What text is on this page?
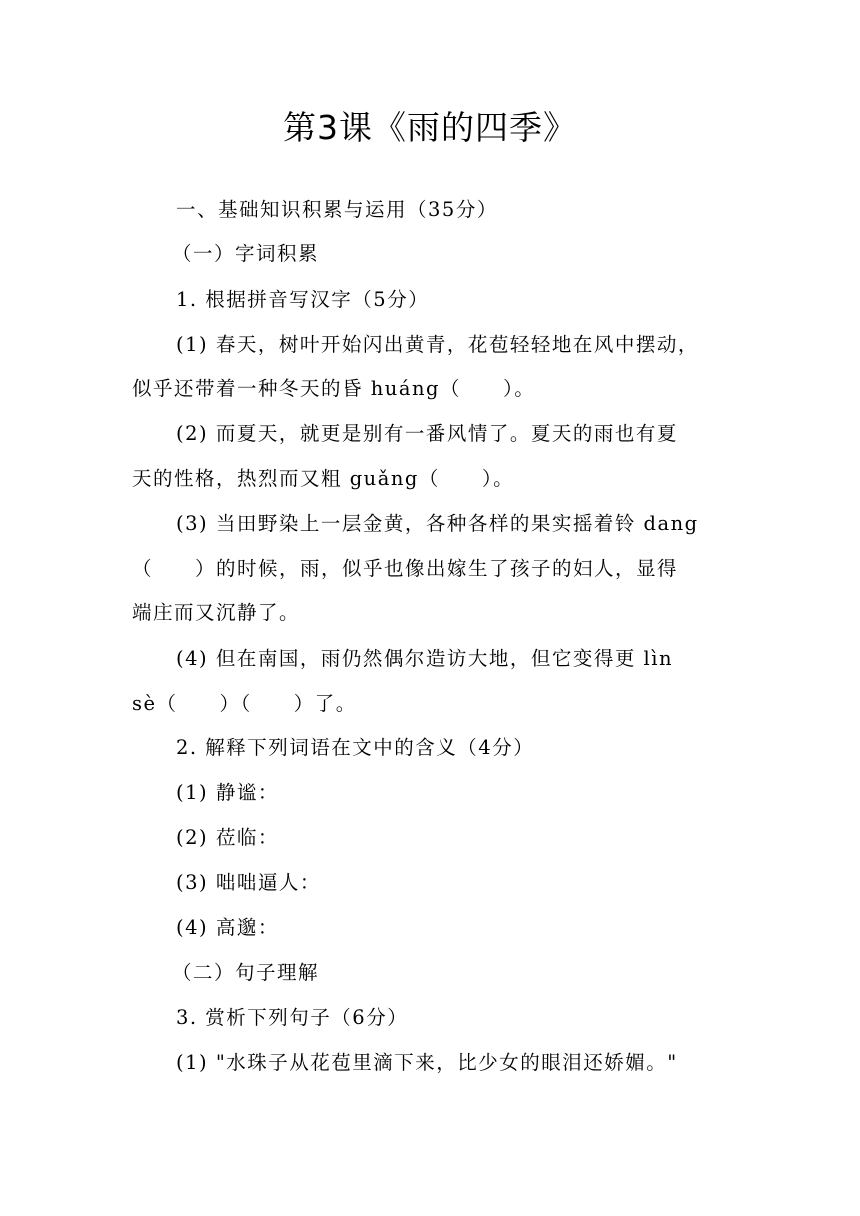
第3课《雨的四季》
一、基础知识积累与运用（35分）
（一）字词积累
1. 根据拼音写汉字（5分）
(1) 春天，树叶开始闪出黄青，花苞轻轻地在风中摆动，
似乎还带着一种冬天的昏 huáng（　　）。
(2) 而夏天，就更是别有一番风情了。夏天的雨也有夏
天的性格，热烈而又粗 guǎng（　　）。
(3) 当田野染上一层金黄，各种各样的果实摇着铃 dang
（　　）的时候，雨，似乎也像出嫁生了孩子的妇人，显得
端庄而又沉静了。
(4) 但在南国，雨仍然偶尔造访大地，但它变得更 lìn
sè（　　）（　　）了。
2. 解释下列词语在文中的含义（4分）
(1) 静谧：
(2) 莅临：
(3) 咄咄逼人：
(4) 高邈：
（二）句子理解
3. 赏析下列句子（6分）
(1) "水珠子从花苞里滴下来，比少女的眼泪还娇媚。"
